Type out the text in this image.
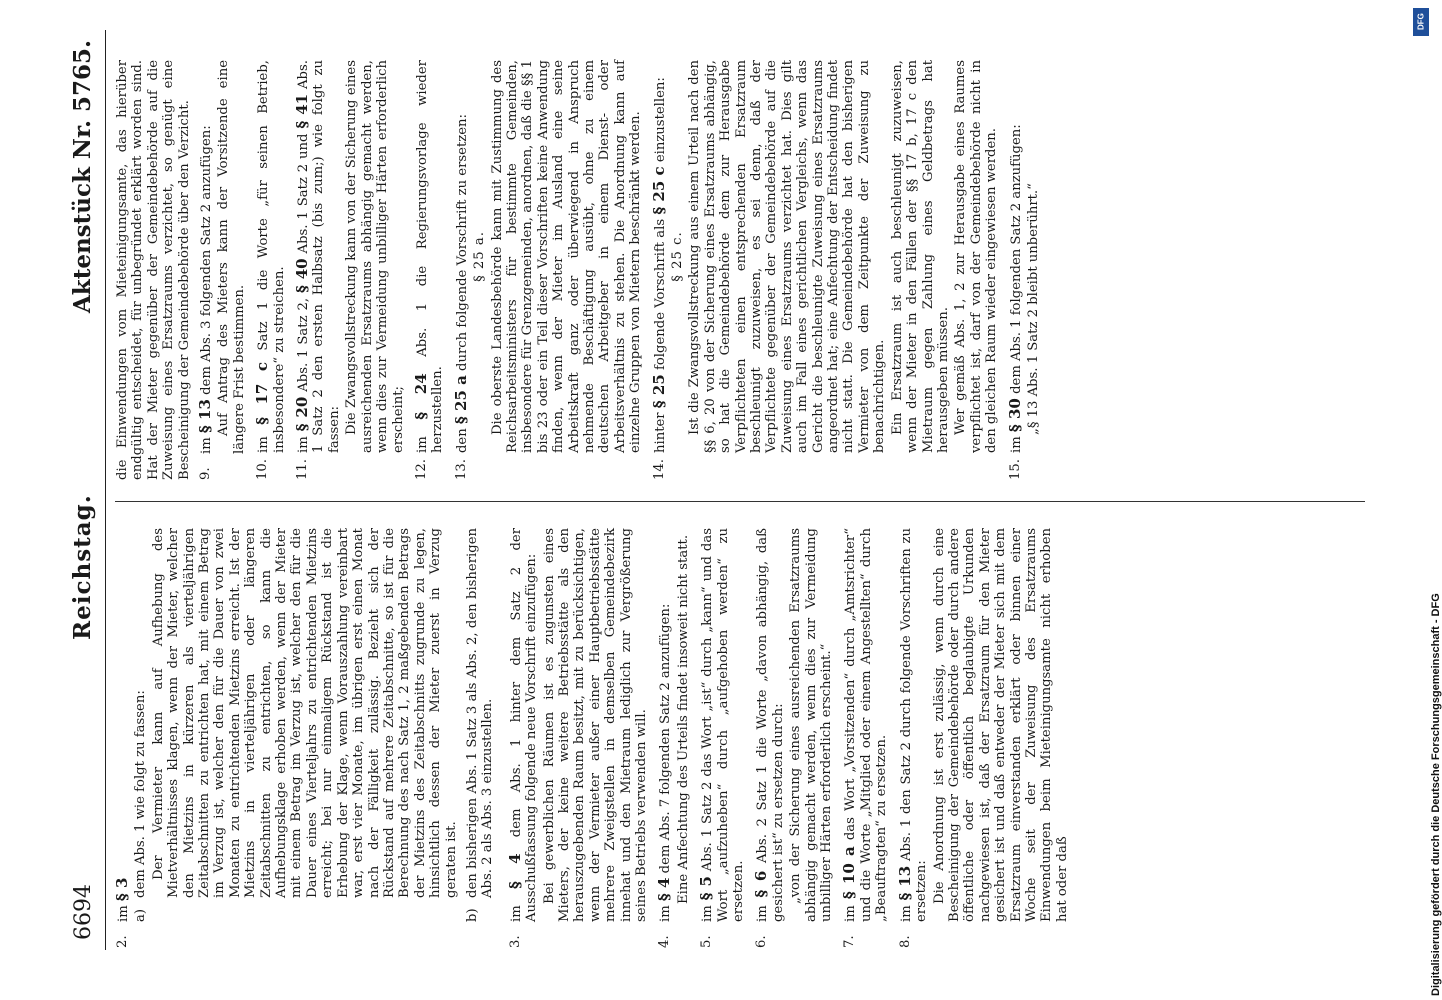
6694
Reichstag.
Aktenstück Nr. 5765.
2.

im § 3

a)

dem Abs. 1 wie folgt zu fassen: Der Vermieter kann auf Aufhebung des Mietverhältnisses klagen, wenn der Mieter, welcher den Mietzins in kürzeren als vierteljährigen Zeitabschnitten zu entrichten hat, mit einem Betrag im Verzug ist, welcher den für die Dauer von zwei Monaten zu entrichtenden Mietzins erreicht. Ist der Mietzins in vierteljährigen oder längeren Zeitabschnitten zu entrichten, so kann die Aufhebungsklage erhoben werden, wenn der Mieter mit einem Betrag im Verzug ist, welcher den für die Dauer eines Vierteljahrs zu entrichtenden Mietzins erreicht; bei nur einmaligem Rückstand ist die Erhebung der Klage, wenn Vorauszahlung vereinbart war, erst vier Monate, im übrigen erst einen Monat nach der Fälligkeit zulässig. Bezieht sich der Rückstand auf mehrere Zeitabschnitte, so ist für die Berechnung des nach Satz 1, 2 maßgebenden Betrags der Mietzins des Zeitabschnitts zugrunde zu legen, hinsichtlich dessen der Mieter zuerst in Verzug geraten ist.

b)

den bisherigen Abs. 1 Satz 3 als Abs. 2, den bisherigen Abs. 2 als Abs. 3 einzustellen.

3.

im § 4 dem Abs. 1 hinter dem Satz 2 der Ausschußfassung folgende neue Vorschrift einzufügen: Bei gewerblichen Räumen ist es zugunsten eines Mieters, der keine weitere Betriebsstätte als den herauszugebenden Raum besitzt, mit zu berücksichtigen, wenn der Vermieter außer einer Hauptbetriebsstätte mehrere Zweigstellen in demselben Gemeindebezirk innehat und den Mietraum lediglich zur Vergrößerung seines Betriebs verwenden will.

4.

im § 4 dem Abs. 7 folgenden Satz 2 anzufügen: Eine Anfechtung des Urteils findet insoweit nicht statt.

5.

im § 5 Abs. 1 Satz 2 das Wort „ist“ durch „kann“ und das Wort „aufzuheben“ durch „aufgehoben werden“ zu ersetzen.

6.

im § 6 Abs. 2 Satz 1 die Worte „davon abhängig, daß gesichert ist“ zu ersetzen durch: „von der Sicherung eines ausreichenden Ersatzraums abhängig gemacht werden, wenn dies zur Vermeidung unbilliger Härten erforderlich erscheint.“

7.

im § 10 a das Wort „Vorsitzenden“ durch „Amtsrichter“ und die Worte „Mitglied oder einem Angestellten“ durch „Beauftragten“ zu ersetzen.

8.

im § 13 Abs. 1 den Satz 2 durch folgende Vorschriften zu ersetzen: Die Anordnung ist erst zulässig, wenn durch eine Bescheinigung der Gemeindebehörde oder durch andere öffentliche oder öffentlich beglaubigte Urkunden nachgewiesen ist, daß der Ersatzraum für den Mieter gesichert ist und daß entweder der Mieter sich mit dem Ersatzraum einverstanden erklärt oder binnen einer Woche seit der Zuweisung des Ersatzraums Einwendungen beim Mieteinigungsamte nicht erhoben hat oder daß

die Einwendungen vom Mieteinigungsamte, das hierüber endgültig entscheidet, für unbegründet erklärt worden sind. Hat der Mieter gegenüber der Gemeindebehörde auf die Zuweisung eines Ersatzraums verzichtet, so genügt eine Bescheinigung der Gemeindebehörde über den Verzicht. 9.

im § 13 dem Abs. 3 folgenden Satz 2 anzufügen: Auf Antrag des Mieters kann der Vorsitzende eine längere Frist bestimmen.

10.

im § 17 c Satz 1 die Worte „für seinen Betrieb, insbesondere“ zu streichen.

11.

im § 20 Abs. 1 Satz 2, § 40 Abs. 1 Satz 2 und § 41 Abs. 1 Satz 2 den ersten Halbsatz (bis zum;) wie folgt zu fassen: Die Zwangsvollstreckung kann von der Sicherung eines ausreichenden Ersatzraums abhängig gemacht werden, wenn dies zur Vermeidung unbilliger Härten erforderlich erscheint;

12.

im § 24 Abs. 1 die Regierungsvorlage wieder herzustellen.

13.

den § 25 a durch folgende Vorschrift zu ersetzen: § 25 a. Die oberste Landesbehörde kann mit Zustimmung des Reichsarbeitsministers für bestimmte Gemeinden, insbesondere für Grenzgemeinden, anordnen, daß die §§ 1 bis 23 oder ein Teil dieser Vorschriften keine Anwendung finden, wenn der Mieter im Ausland eine seine Arbeitskraft ganz oder überwiegend in Anspruch nehmende Beschäftigung ausübt, ohne zu einem deutschen Arbeitgeber in einem Dienst- oder Arbeitsverhältnis zu stehen. Die Anordnung kann auf einzelne Gruppen von Mietern beschränkt werden.

14.

hinter § 25 folgende Vorschrift als § 25 c einzustellen:

§ 25 c. Ist die Zwangsvollstreckung aus einem Urteil nach den §§ 6, 20 von der Sicherung eines Ersatzraums abhängig, so hat die Gemeindebehörde dem zur Herausgabe Verpflichteten einen entsprechenden Ersatzraum beschleunigt zuzuweisen, es sei denn, daß der Verpflichtete gegenüber der Gemeindebehörde auf die Zuweisung eines Ersatzraums verzichtet hat. Dies gilt auch im Fall eines gerichtlichen Vergleichs, wenn das Gericht die beschleunigte Zuweisung eines Ersatzraums angeordnet hat; eine Anfechtung der Entscheidung findet nicht statt. Die Gemeindebehörde hat den bisherigen Vermieter von dem Zeitpunkte der Zuweisung zu benachrichtigen. Ein Ersatzraum ist auch beschleunigt zuzuweisen, wenn der Mieter in den Fällen der §§ 17 b, 17 c den Mietraum gegen Zahlung eines Geldbetrags hat herausgeben müssen. Wer gemäß Abs. 1, 2 zur Herausgabe eines Raumes verpflichtet ist, darf von der Gemeindebehörde nicht in den gleichen Raum wieder eingewiesen werden.

15.

im § 30 dem Abs. 1 folgenden Satz 2 anzufügen: „§ 13 Abs. 1 Satz 2 bleibt unberührt.“

DFG
Digitalisierung gefördert durch die Deutsche Forschungsgemeinschaft - DFG
